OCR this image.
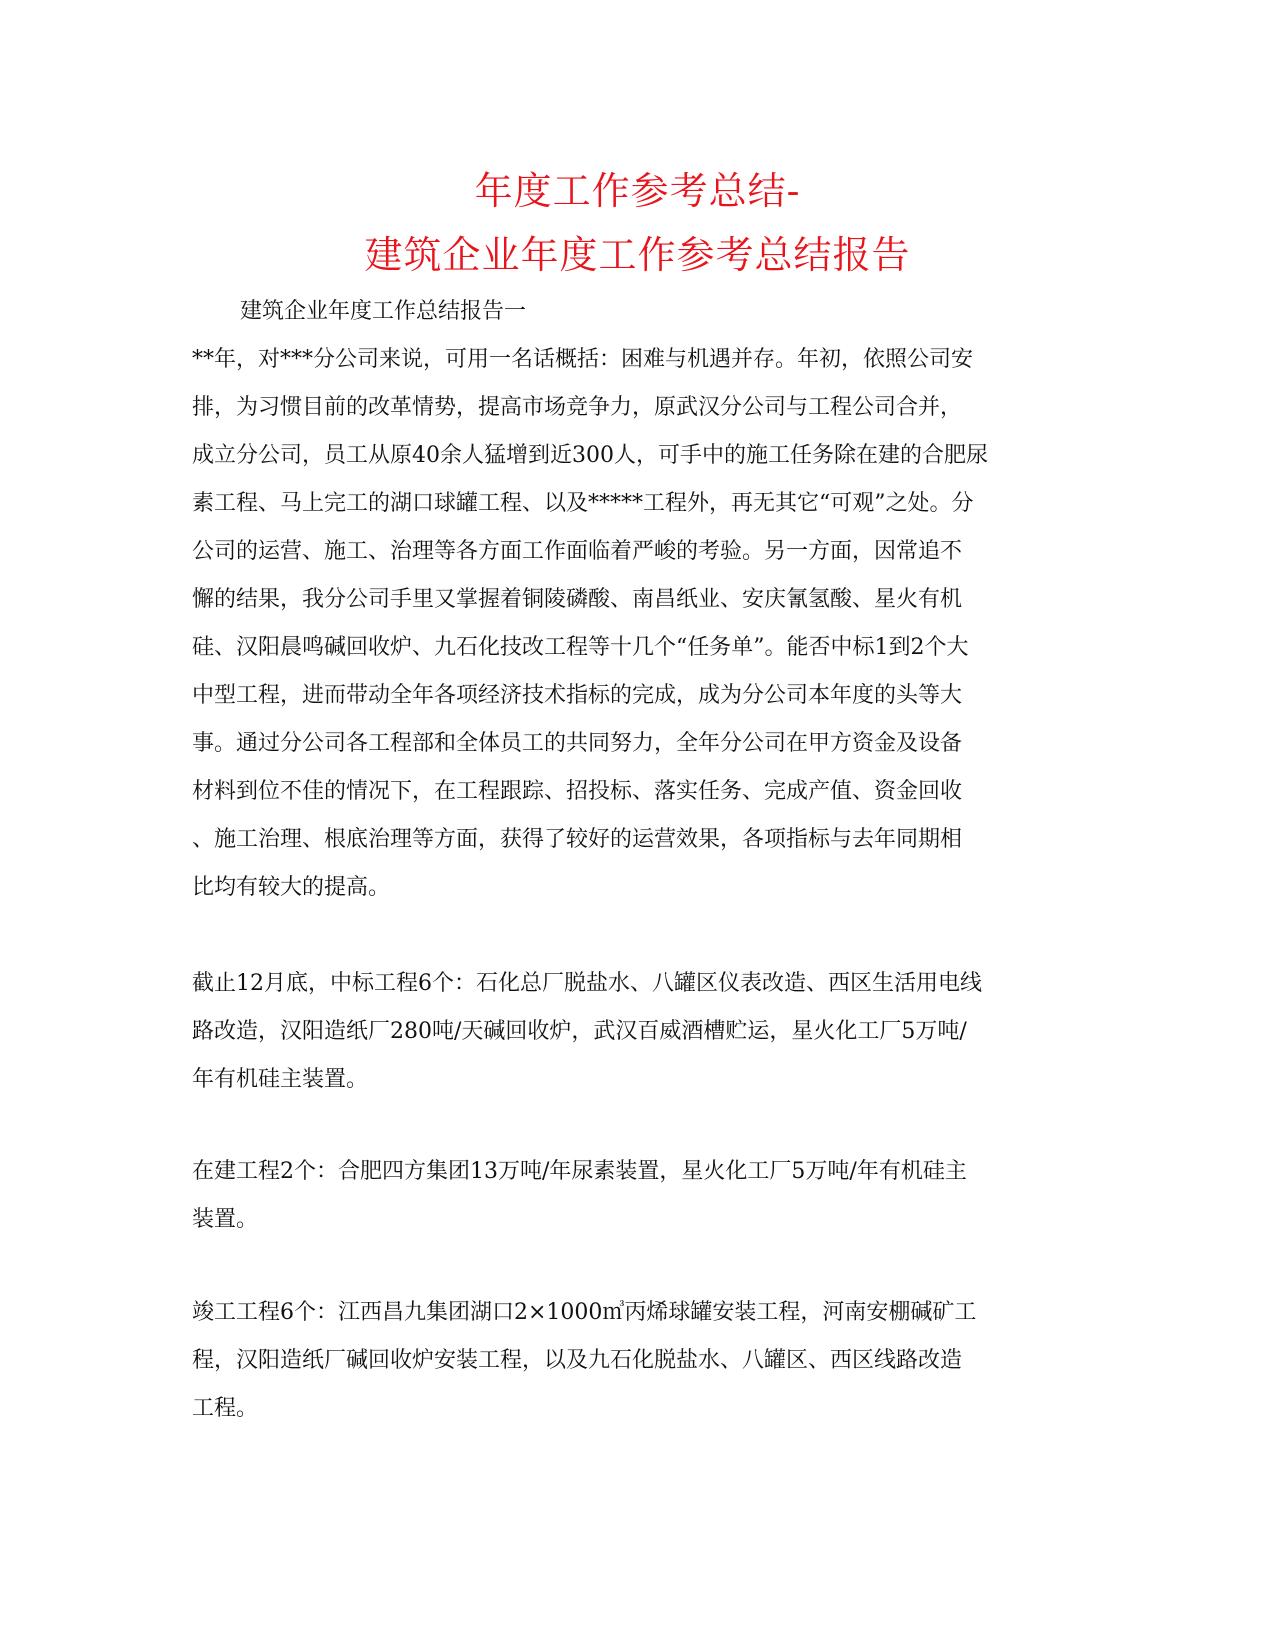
年度工作参考总结-
建筑企业年度工作参考总结报告
建筑企业年度工作总结报告一
**年，对***分公司来说，可用一名话概括：困难与机遇并存。年初，依照公司安
排，为习惯目前的改革情势，提高市场竞争力，原武汉分公司与工程公司合并，
成立分公司，员工从原40余人猛增到近300人，可手中的施工任务除在建的合肥尿
素工程、马上完工的湖口球罐工程、以及*****工程外，再无其它“可观”之处。分
公司的运营、施工、治理等各方面工作面临着严峻的考验。另一方面，因常追不
懈的结果，我分公司手里又掌握着铜陵磷酸、南昌纸业、安庆氰氢酸、星火有机
硅、汉阳晨鸣碱回收炉、九石化技改工程等十几个“任务单”。能否中标1到2个大
中型工程，进而带动全年各项经济技术指标的完成，成为分公司本年度的头等大
事。通过分公司各工程部和全体员工的共同努力，全年分公司在甲方资金及设备
材料到位不佳的情况下，在工程跟踪、招投标、落实任务、完成产值、资金回收
、施工治理、根底治理等方面，获得了较好的运营效果，各项指标与去年同期相
比均有较大的提高。
截止12月底，中标工程6个：石化总厂脱盐水、八罐区仪表改造、西区生活用电线
路改造，汉阳造纸厂280吨/天碱回收炉，武汉百威酒槽贮运，星火化工厂5万吨/
年有机硅主装置。
在建工程2个：合肥四方集团13万吨/年尿素装置，星火化工厂5万吨/年有机硅主
装置。
竣工工程6个：江西昌九集团湖口2×1000㎥丙烯球罐安装工程，河南安棚碱矿工
程，汉阳造纸厂碱回收炉安装工程，以及九石化脱盐水、八罐区、西区线路改造
工程。
